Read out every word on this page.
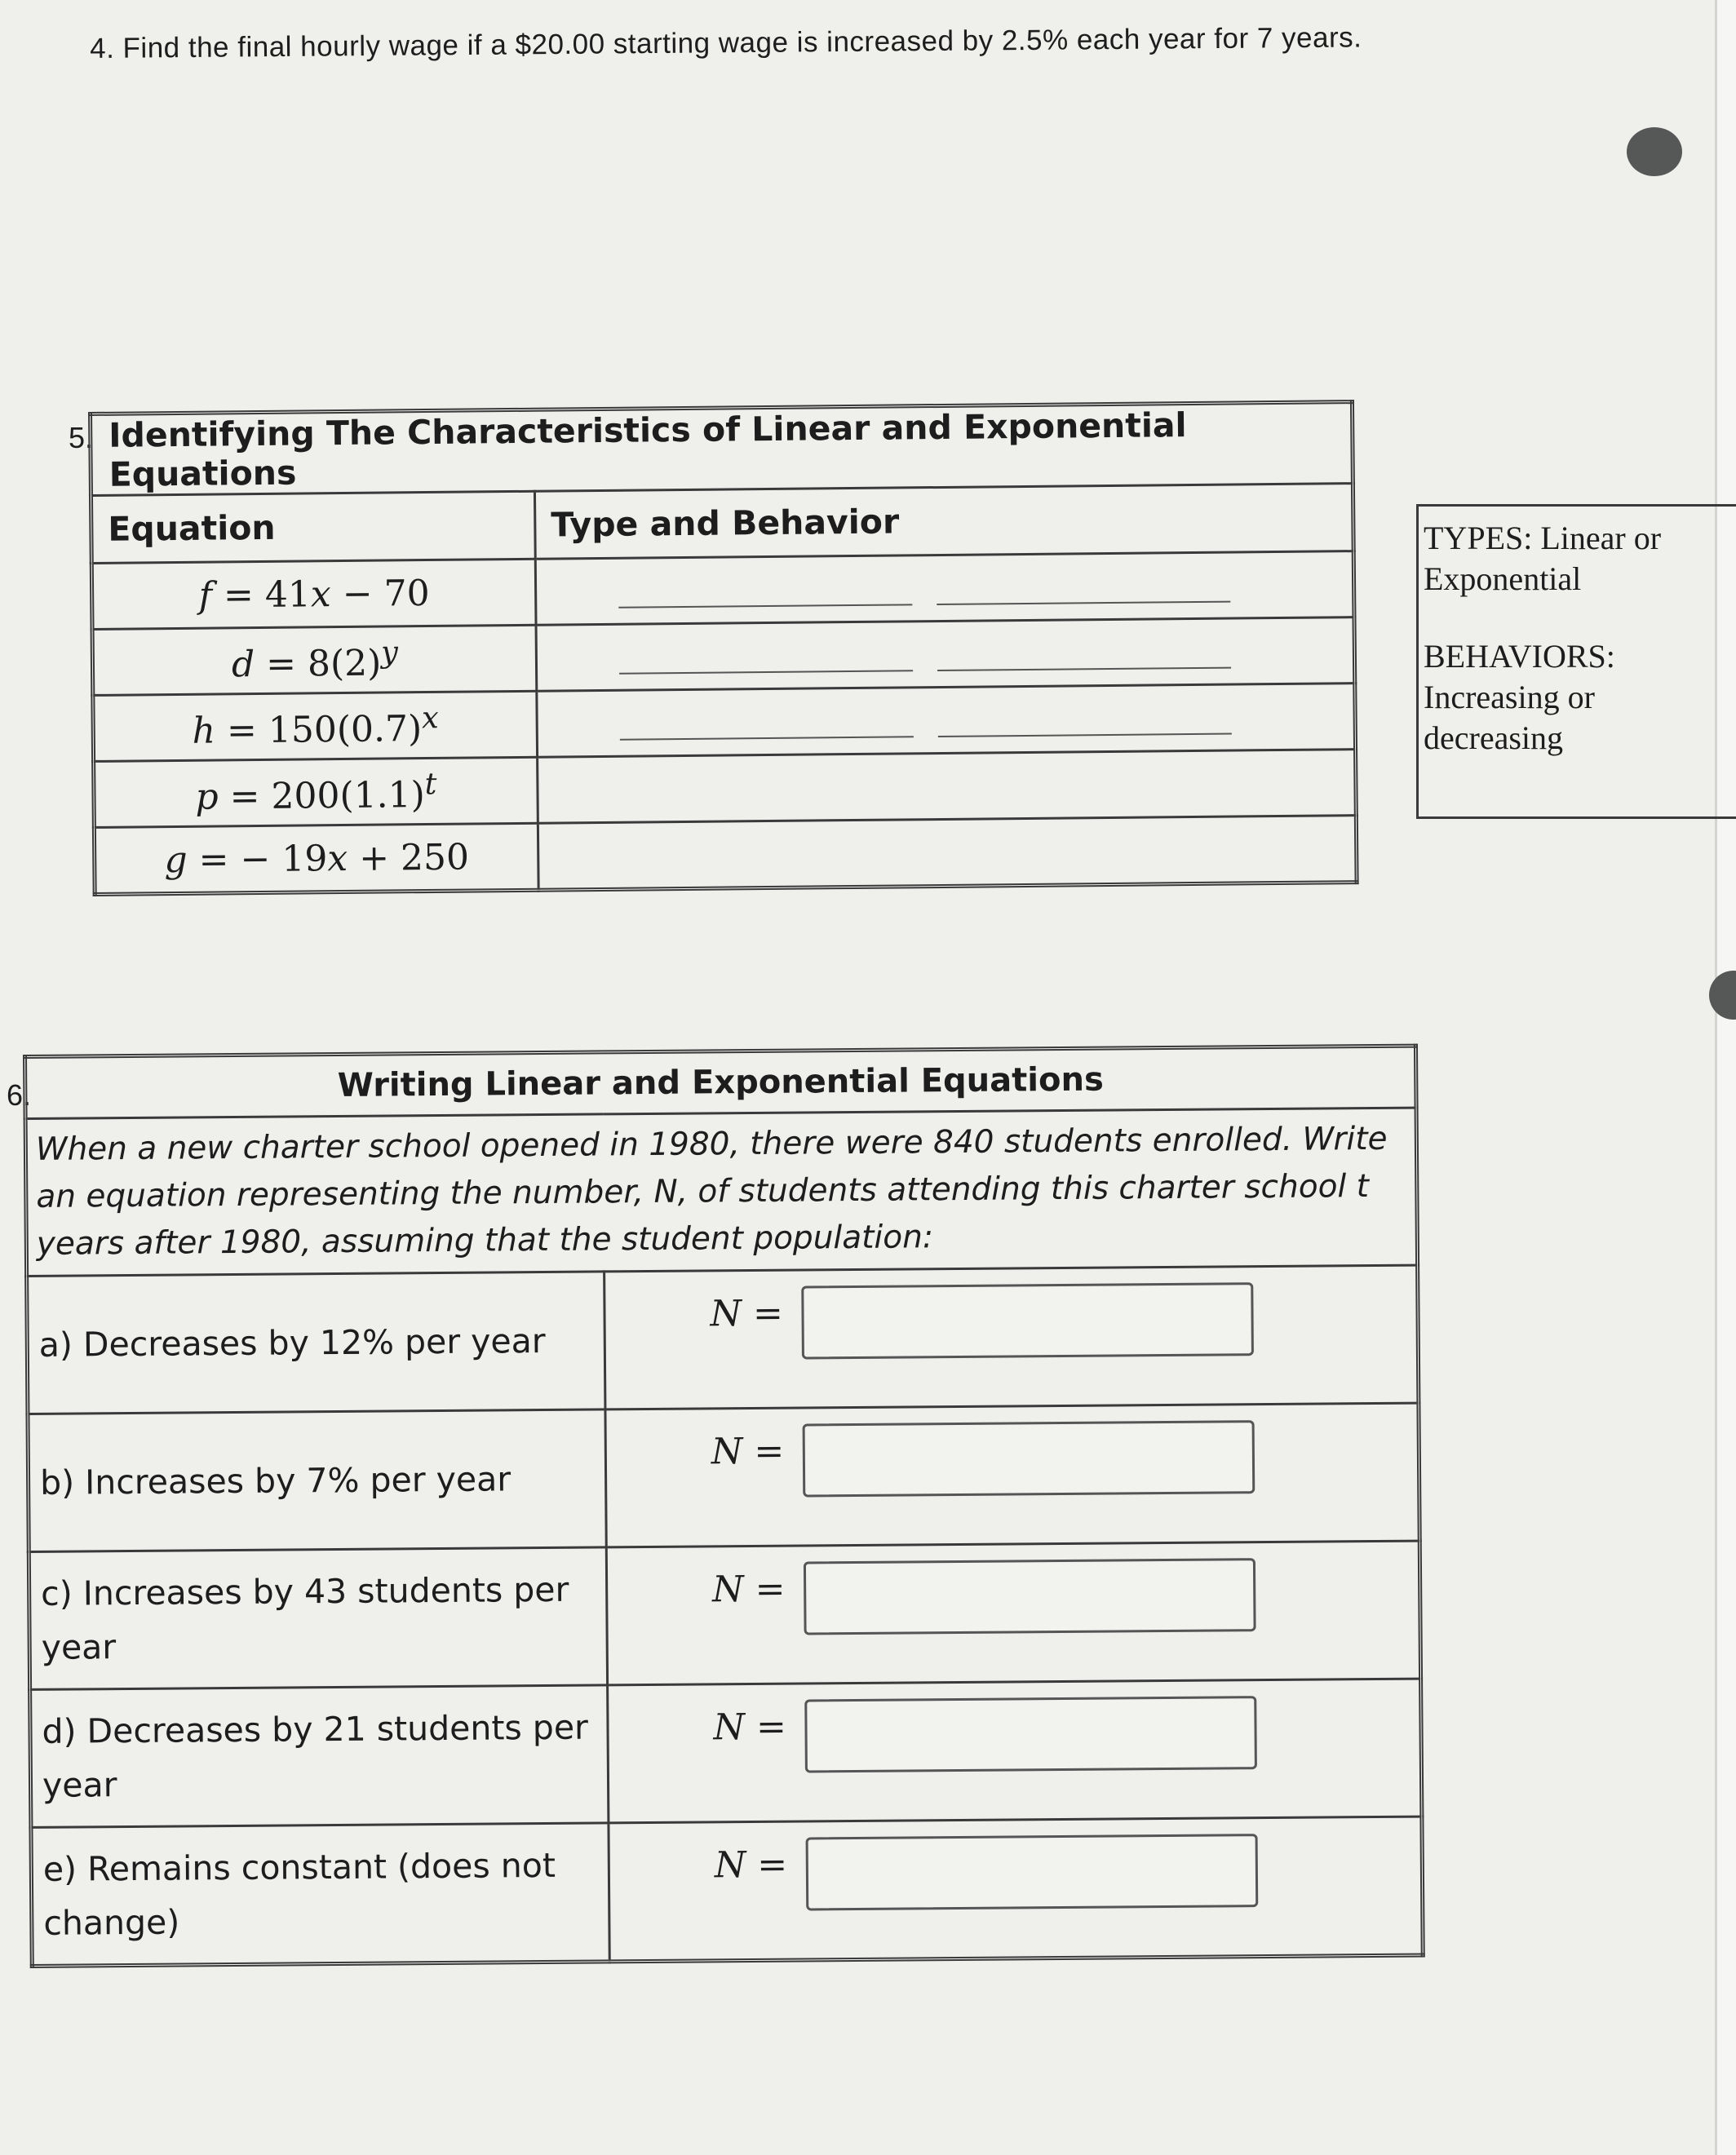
4. Find the final hourly wage if a $20.00 starting wage is increased by 2.5% each year for 7 years.
5. Identifying The Characteristics of Linear and Exponential Equations	
Equation	Type and Behavior
f = 41x − 70	

$d = 8(2)^y$	

$h = 150(0.7)^x$	

$p = 200(1.1)^t$	
g = − 19x + 250	

TYPES: Linear or Exponential

BEHAVIORS: Increasing or decreasing

6.	Writing Linear and Exponential Equations	
When a new charter school opened in 1980, there were 840 students enrolled. Write an equation representing the number, N, of students attending this charter school t years after 1980, assuming that the student population:	
a) Decreases by 12% per year	N =

b) Increases by 7% per year	N =

c) Increases by 43 students per year	N =

d) Decreases by 21 students per year	N =

e) Remains constant (does not change)	N =
